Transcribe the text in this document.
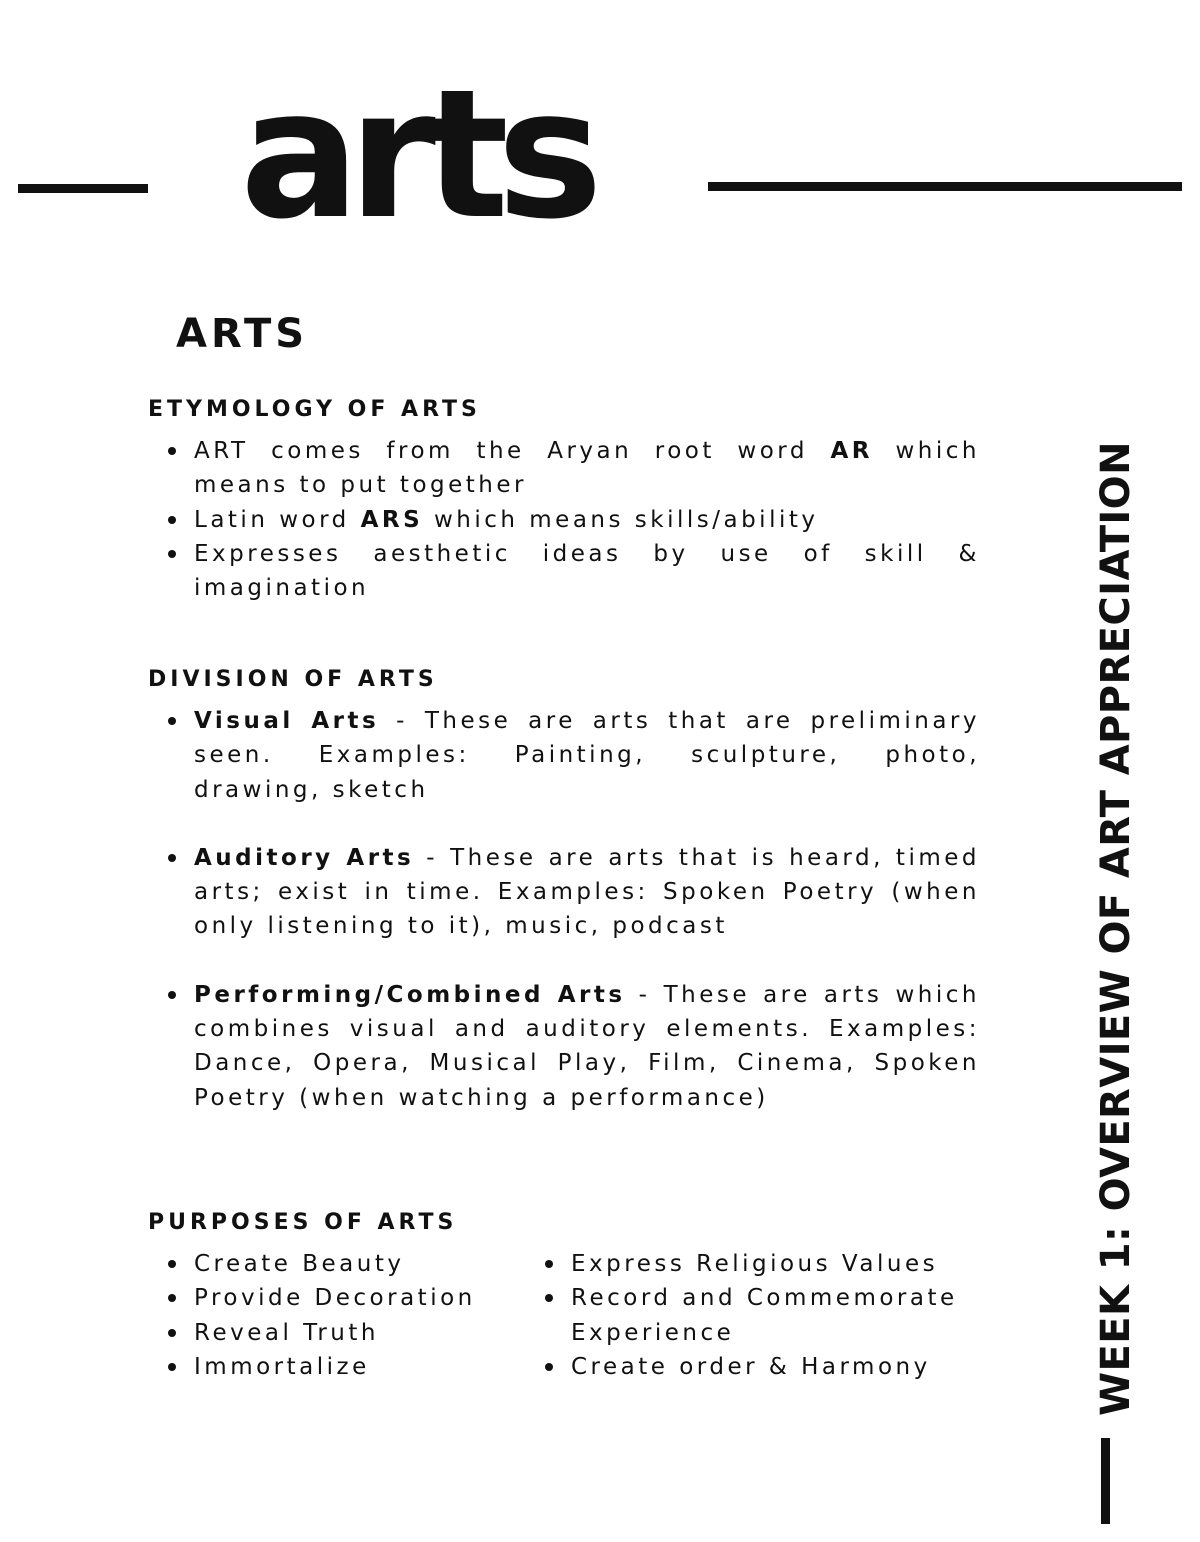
arts
ARTS
ETYMOLOGY OF ARTS
ART comes from the Aryan root word AR which means to put together
Latin word ARS which means skills/ability
Expresses aesthetic ideas by use of skill & imagination
DIVISION OF ARTS
Visual Arts - These are arts that are preliminary seen. Examples: Painting, sculpture, photo, drawing, sketch
Auditory Arts - These are arts that is heard, timed arts; exist in time. Examples: Spoken Poetry (when only listening to it), music, podcast
Performing/Combined Arts - These are arts which combines visual and auditory elements. Examples: Dance, Opera, Musical Play, Film, Cinema, Spoken Poetry (when watching a performance)
PURPOSES OF ARTS
Create Beauty
Provide Decoration
Reveal Truth
Immortalize
Express Religious Values
Record and Commemorate Experience
Create order & Harmony	WEEK 1: OVERVIEW OF ART APPRECIATION
